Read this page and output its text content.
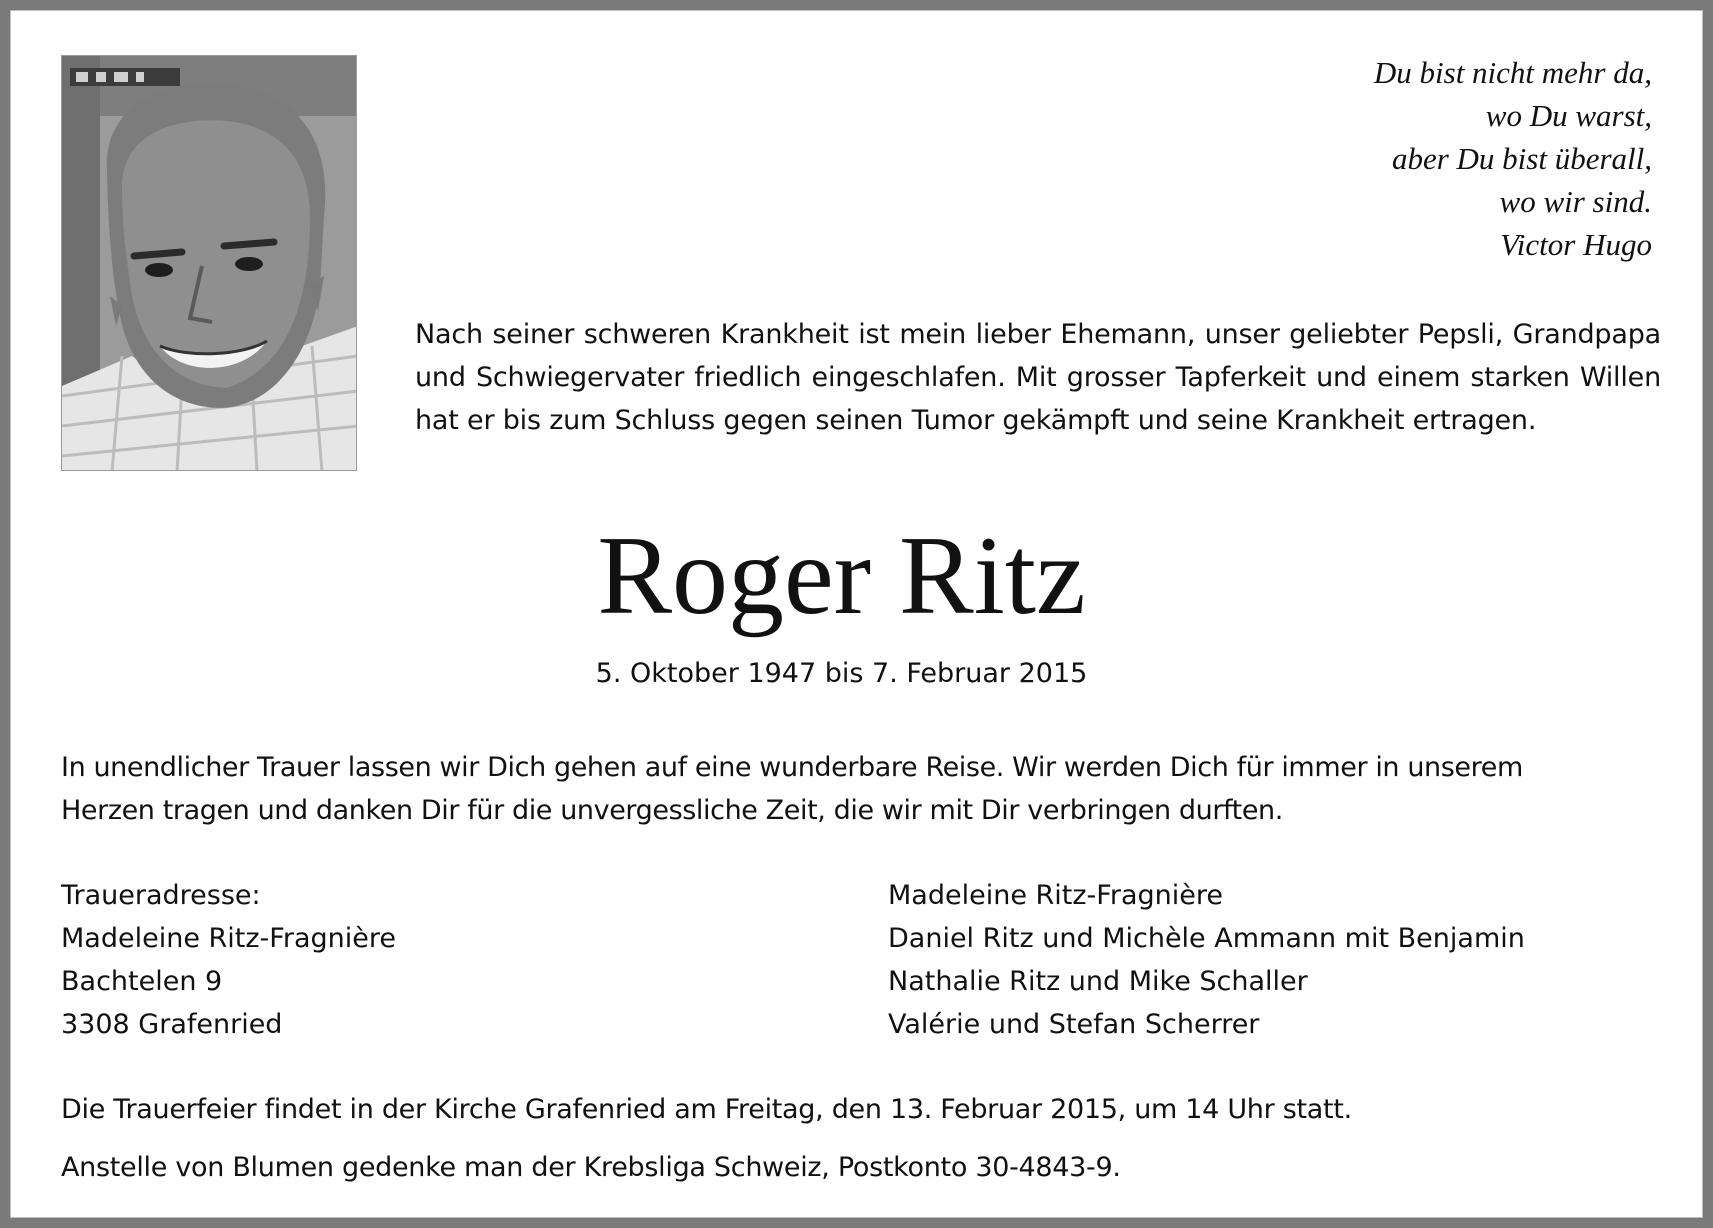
Du bist nicht mehr da,
wo Du warst,
aber Du bist überall,
wo wir sind.
Victor Hugo
Nach seiner schweren Krankheit ist mein lieber Ehemann, unser geliebter Pepsli, Grandpapa und Schwiegervater friedlich eingeschlafen. Mit grosser Tapferkeit und einem starken Willen hat er bis zum Schluss gegen seinen Tumor gekämpft und seine Krankheit ertragen.
Roger Ritz
5. Oktober 1947 bis 7. Februar 2015
In unendlicher Trauer lassen wir Dich gehen auf eine wunderbare Reise. Wir werden Dich für immer in unserem
Herzen tragen und danken Dir für die unvergessliche Zeit, die wir mit Dir verbringen durften.
Traueradresse:
Madeleine Ritz-Fragnière
Bachtelen 9
3308 Grafenried
Madeleine Ritz-Fragnière
Daniel Ritz und Michèle Ammann mit Benjamin
Nathalie Ritz und Mike Schaller
Valérie und Stefan Scherrer
Die Trauerfeier findet in der Kirche Grafenried am Freitag, den 13. Februar 2015, um 14 Uhr statt.
Anstelle von Blumen gedenke man der Krebsliga Schweiz, Postkonto 30-4843-9.
